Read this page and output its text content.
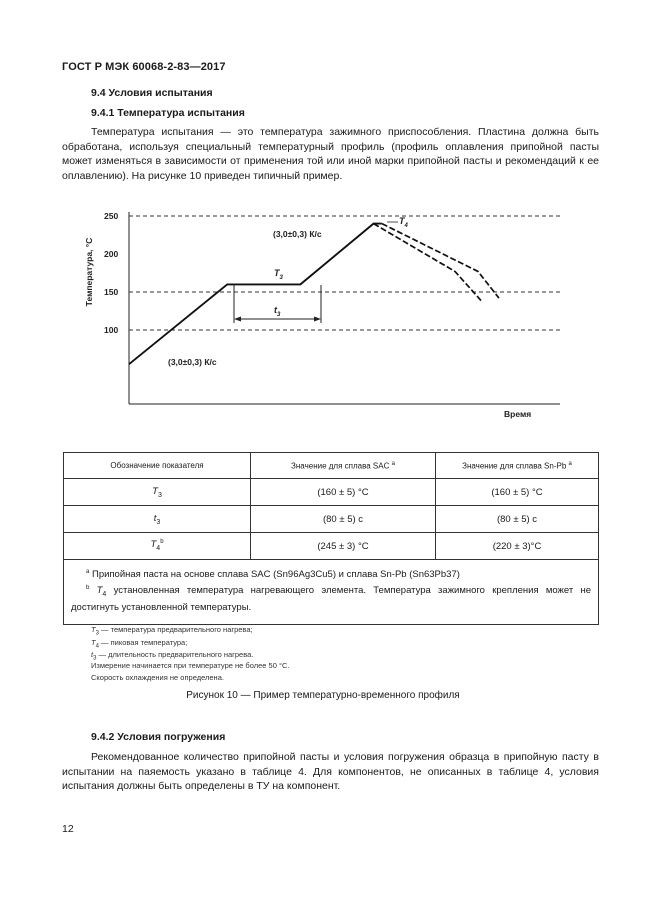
ГОСТ Р МЭК 60068-2-83—2017
9.4 Условия испытания
9.4.1 Температура испытания

Температура испытания — это температура зажимного приспособления. Пластина должна быть обработана, используя специальный температурный профиль (профиль оплавления припойной пасты может изменяться в зависимости от применения той или иной марки припойной пасты и рекомендаций к ее оплавлению). На рисунке 10 приведен типичный пример.

100
150
200
250
Температура, °С
Время
(3,0±0,3) К/с
(3,0±0,3) К/с
$T_3$
$t_3$
$T_4$
Обозначение показателя	Значение для сплава SAC $^а$	Значение для сплава Sn-Pb $^а$
$T_3$	(160 ± 5) °С	(160 ± 5) °С
$t_3$	(80 ± 5) с	(80 ± 5) с
$T_4^b$	(245 ± 3) °С	(220 ± 3)°С

$^а$ Припойная паста на основе сплава SAC (Sn96Ag3Cu5) и сплава Sn-Pb (Sn63Pb37)
$^b$ $T_4$ установленная температура нагревающего элемента. Температура зажимного крепления может не достигнуть установленной температуры.		
$T_3$ — температура предварительного нагрева;
$T_4$ — пиковая температура;
$t_3$ — длительность предварительного нагрева.
Измерение начинается при температуре не более 50 °С.
Скорость охлаждения не определена.
Рисунок 10 — Пример температурно-временного профиля
9.4.2 Условия погружения

Рекомендованное количество припойной пасты и условия погружения образца в припойную пасту в испытании на паяемость указано в таблице 4. Для компонентов, не описанных в таблице 4, условия испытания должны быть определены в ТУ на компонент.

12
